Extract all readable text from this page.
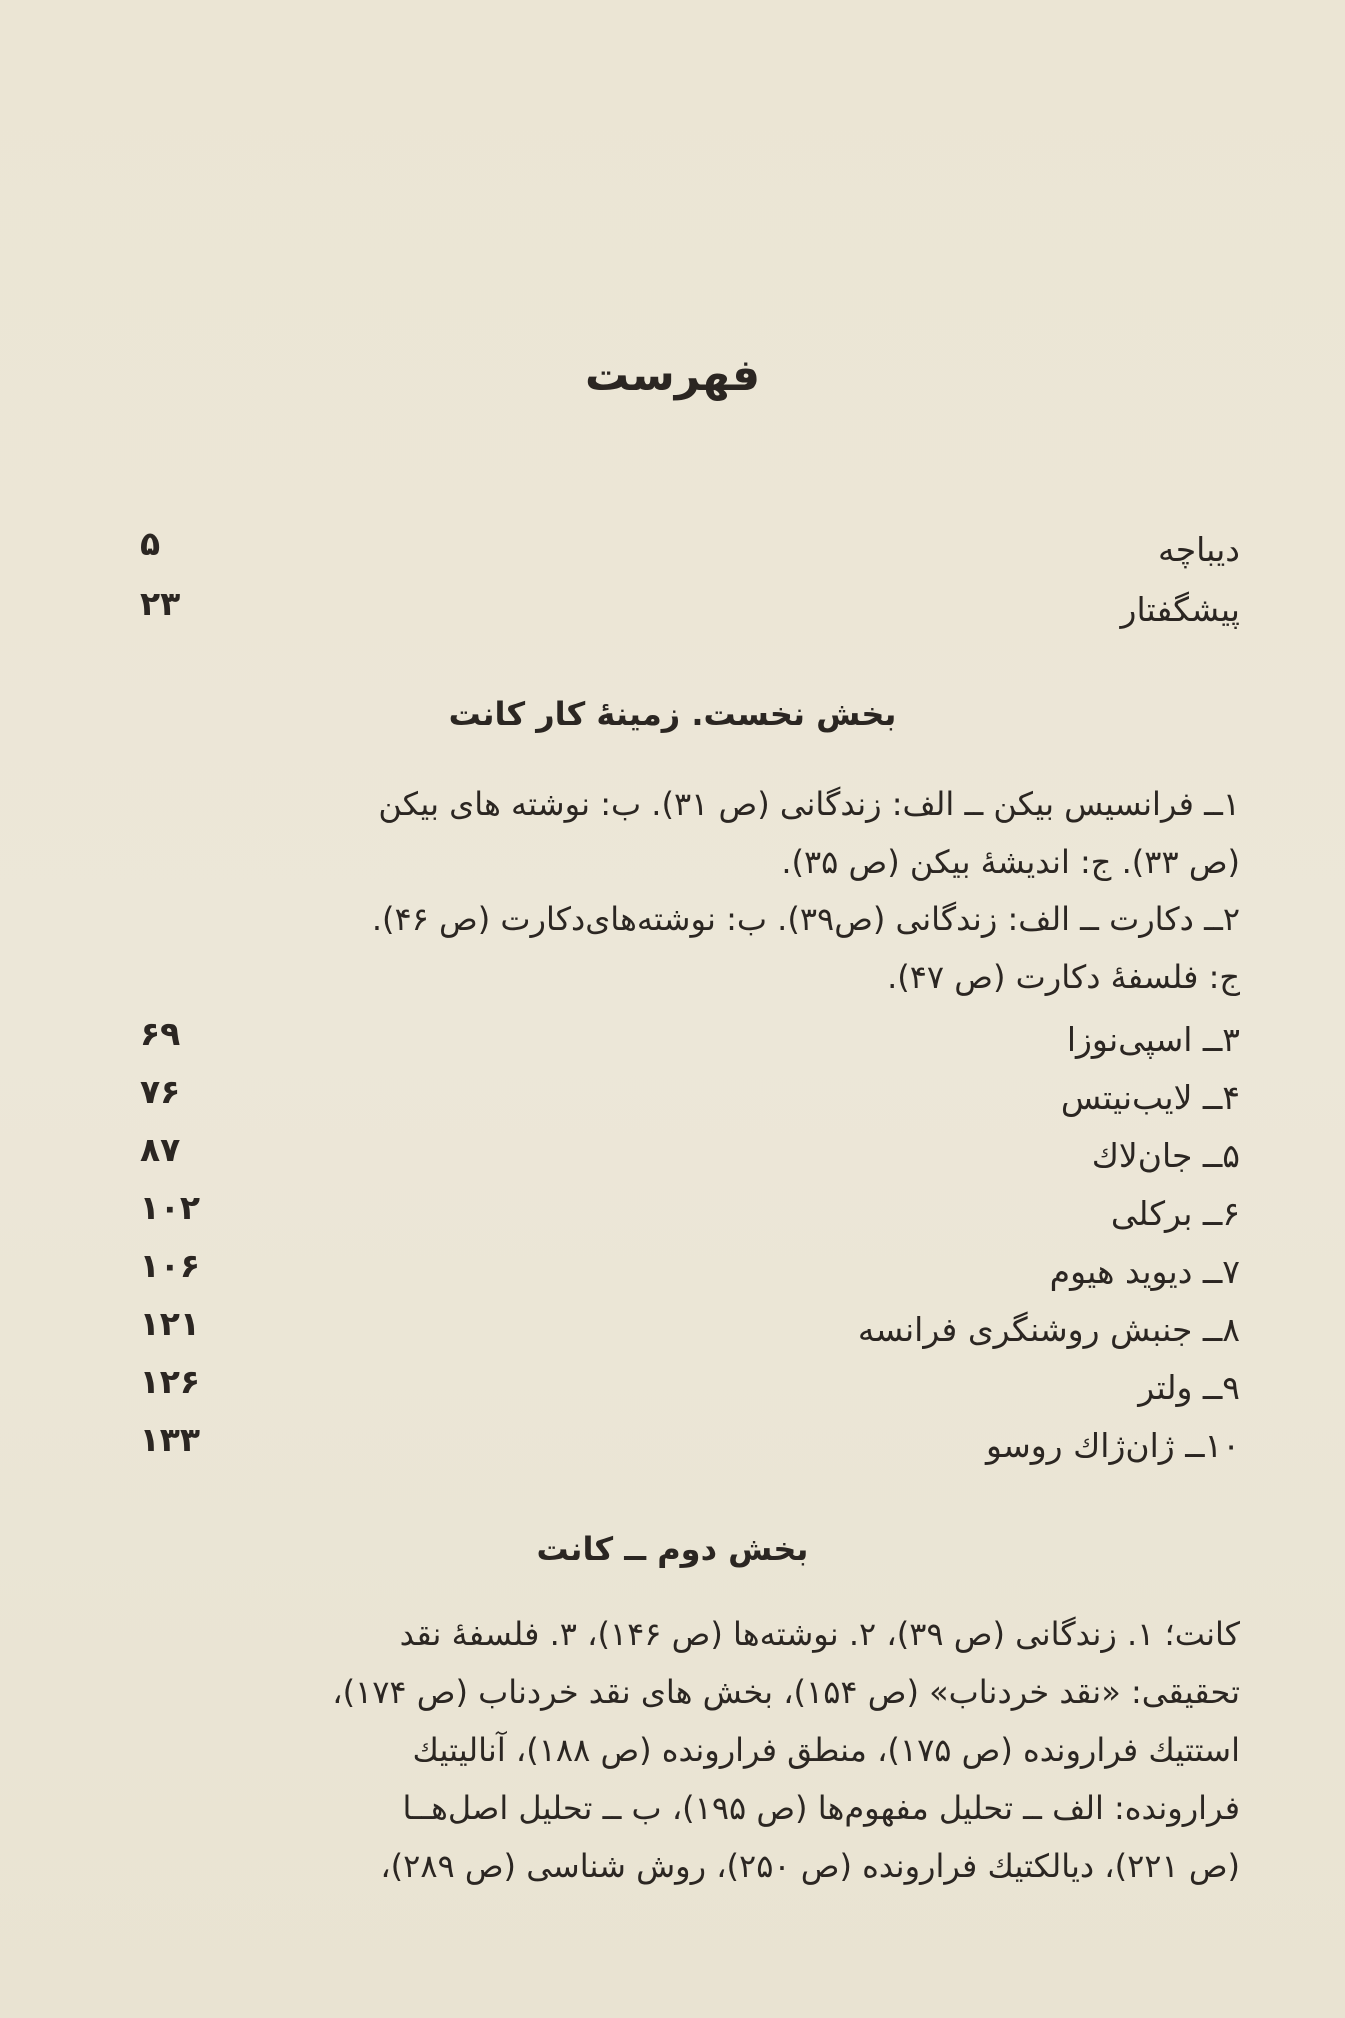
فهرست
دیباچه
۵
پیشگفتار
۲۳
بخش نخست. زمینهٔ کار کانت
۱ــ فرانسیس بیکن ــ الف: زندگانی (ص ۳۱). ب: نوشته های بیکن
(ص ۳۳). ج: اندیشهٔ بیکن (ص ۳۵).
۲ــ دکارت ــ الف: زندگانی (ص۳۹). ب: نوشته‌های‌دکارت (ص ۴۶).
ج: فلسفهٔ دکارت (ص ۴۷).
۳ــ اسپی‌نوزا
۶۹
۴ــ لایب‌نیتس
۷۶
۵ــ جان‌لاك
۸۷
۶ــ برکلی
۱۰۲
۷ــ دیوید هیوم
۱۰۶
۸ــ جنبش روشنگری فرانسه
۱۲۱
۹ــ ولتر
۱۲۶
۱۰ــ ژان‌ژاك روسو
۱۳۳
بخش دوم ــ کانت
کانت؛ ۱. زندگانی (ص ۳۹)، ۲. نوشته‌ها (ص ۱۴۶)، ۳. فلسفهٔ نقد
تحقیقی: «نقد خردناب» (ص ۱۵۴)، بخش های نقد خردناب (ص ۱۷۴)،
استتیك فرارونده (ص ۱۷۵)، منطق فرارونده (ص ۱۸۸)، آنالیتیك
فرارونده: الف ــ تحلیل مفهوم‌ها (ص ۱۹۵)، ب ــ تحلیل اصل‌هــا
(ص ۲۲۱)، دیالکتیك فرارونده (ص ۲۵۰)، روش شناسی (ص ۲۸۹)،
